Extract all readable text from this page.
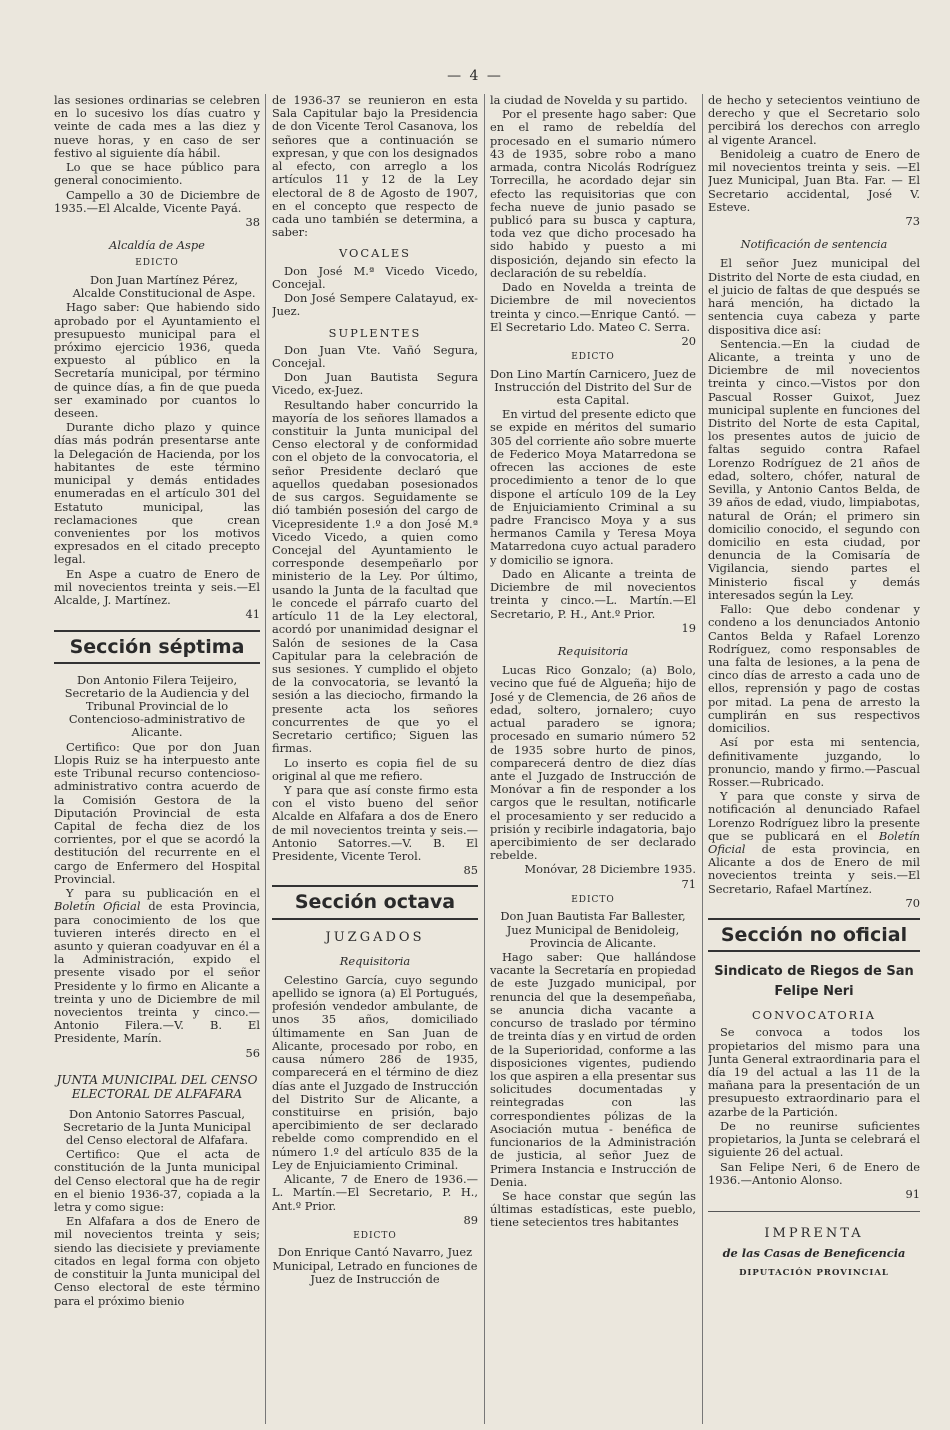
— 4 —

las sesiones ordinarias se celebren en lo sucesivo los días cuatro y veinte de cada mes a las diez y nueve horas, y en caso de ser festivo al siguiente día hábil.

Lo que se hace público para general conocimiento.

Campello a 30 de Diciembre de 1935.—El Alcalde, Vicente Payá.

38

Alcaldía de Aspe

EDICTO

Don Juan Martínez Pérez, Alcalde Constitucional de Aspe.

Hago saber: Que habiendo sido aprobado por el Ayuntamiento el presupuesto municipal para el próximo ejercicio 1936, queda expuesto al público en la Secretaría municipal, por término de quince días, a fin de que pueda ser examinado por cuantos lo deseen.

Durante dicho plazo y quince días más podrán presentarse ante la Delegación de Hacienda, por los habitantes de este término municipal y demás entidades enumeradas en el artículo 301 del Estatuto municipal, las reclamaciones que crean convenientes por los motivos expresados en el citado precepto legal.

En Aspe a cuatro de Enero de mil novecientos treinta y seis.—El Alcalde, J. Martínez.

41

Sección séptima

Don Antonio Filera Teijeiro, Secretario de la Audiencia y del Tribunal Provincial de lo Contencioso-administrativo de Alicante.

Certifico: Que por don Juan Llopis Ruiz se ha interpuesto ante este Tribunal recurso contencioso-administrativo contra acuerdo de la Comisión Gestora de la Diputación Provincial de esta Capital de fecha diez de los corrientes, por el que se acordó la destitución del recurrente en el cargo de Enfermero del Hospital Provincial.

Y para su publicación en el Boletín Oficial de esta Provincia, para conocimiento de los que tuvieren interés directo en el asunto y quieran coadyuvar en él a la Administración, expido el presente visado por el señor Presidente y lo firmo en Alicante a treinta y uno de Diciembre de mil novecientos treinta y cinco.—Antonio Filera.—V. B. El Presidente, Marín.

56

JUNTA MUNICIPAL DEL CENSO ELECTORAL DE ALFAFARA

Don Antonio Satorres Pascual, Secretario de la Junta Municipal del Censo electoral de Alfafara.

Certifico: Que el acta de constitución de la Junta municipal del Censo electoral que ha de regir en el bienio 1936-37, copiada a la letra y como sigue:

En Alfafara a dos de Enero de mil novecientos treinta y seis; siendo las diecisiete y previamente citados en legal forma con objeto de constituir la Junta municipal del Censo electoral de este término para el próximo bienio

de 1936-37 se reunieron en esta Sala Capitular bajo la Presidencia de don Vicente Terol Casanova, los señores que a continuación se expresan, y que con los designados al efecto, con arreglo a los artículos 11 y 12 de la Ley electoral de 8 de Agosto de 1907, en el concepto que respecto de cada uno también se determina, a saber:

VOCALES

Don José M.ª Vicedo Vicedo, Concejal.

Don José Sempere Calatayud, ex-Juez.

SUPLENTES

Don Juan Vte. Vañó Segura, Concejal.

Don Juan Bautista Segura Vicedo, ex-Juez.

Resultando haber concurrido la mayoría de los señores llamados a constituir la Junta municipal del Censo electoral y de conformidad con el objeto de la convocatoria, el señor Presidente declaró que aquellos quedaban posesionados de sus cargos. Seguidamente se dió también posesión del cargo de Vicepresidente 1.º a don José M.ª Vicedo Vicedo, a quien como Concejal del Ayuntamiento le corresponde desempeñarlo por ministerio de la Ley. Por último, usando la Junta de la facultad que le concede el párrafo cuarto del artículo 11 de la Ley electoral, acordó por unanimidad designar el Salón de sesiones de la Casa Capitular para la celebración de sus sesiones. Y cumplido el objeto de la convocatoria, se levantó la sesión a las dieciocho, firmando la presente acta los señores concurrentes de que yo el Secretario certifico; Siguen las firmas.

Lo inserto es copia fiel de su original al que me refiero.

Y para que así conste firmo esta con el visto bueno del señor Alcalde en Alfafara a dos de Enero de mil novecientos treinta y seis.—Antonio Satorres.—V. B. El Presidente, Vicente Terol.

85

Sección octava

JUZGADOS

Requisitoria

Celestino García, cuyo segundo apellido se ignora (a) El Portugués, profesión vendedor ambulante, de unos 35 años, domiciliado últimamente en San Juan de Alicante, procesado por robo, en causa número 286 de 1935, comparecerá en el término de diez días ante el Juzgado de Instrucción del Distrito Sur de Alicante, a constituirse en prisión, bajo apercibimiento de ser declarado rebelde como comprendido en el número 1.º del artículo 835 de la Ley de Enjuiciamiento Criminal.

Alicante, 7 de Enero de 1936.—L. Martín.—El Secretario, P. H., Ant.º Prior.

89

EDICTO

Don Enrique Cantó Navarro, Juez Municipal, Letrado en funciones de Juez de Instrucción de

la ciudad de Novelda y su partido.

Por el presente hago saber: Que en el ramo de rebeldía del procesado en el sumario número 43 de 1935, sobre robo a mano armada, contra Nicolás Rodríguez Torrecilla, he acordado dejar sin efecto las requisitorias que con fecha nueve de junio pasado se publicó para su busca y captura, toda vez que dicho procesado ha sido habido y puesto a mi disposición, dejando sin efecto la declaración de su rebeldía.

Dado en Novelda a treinta de Diciembre de mil novecientos treinta y cinco.—Enrique Cantó. —El Secretario Ldo. Mateo C. Serra.

20

EDICTO

Don Lino Martín Carnicero, Juez de Instrucción del Distrito del Sur de esta Capital.

En virtud del presente edicto que se expide en méritos del sumario 305 del corriente año sobre muerte de Federico Moya Matarredona se ofrecen las acciones de este procedimiento a tenor de lo que dispone el artículo 109 de la Ley de Enjuiciamiento Criminal a su padre Francisco Moya y a sus hermanos Camila y Teresa Moya Matarredona cuyo actual paradero y domicilio se ignora.

Dado en Alicante a treinta de Diciembre de mil novecientos treinta y cinco.—L. Martín.—El Secretario, P. H., Ant.º Prior.

19

Requisitoria

Lucas Rico Gonzalo; (a) Bolo, vecino que fué de Algueña; hijo de José y de Clemencia, de 26 años de edad, soltero, jornalero; cuyo actual paradero se ignora; procesado en sumario número 52 de 1935 sobre hurto de pinos, comparecerá dentro de diez días ante el Juzgado de Instrucción de Monóvar a fin de responder a los cargos que le resultan, notificarle el procesamiento y ser reducido a prisión y recibirle indagatoria, bajo apercibimiento de ser declarado rebelde.

Monóvar, 28 Diciembre 1935.

71

EDICTO

Don Juan Bautista Far Ballester, Juez Municipal de Benidoleig, Provincia de Alicante.

Hago saber: Que hallándose vacante la Secretaría en propiedad de este Juzgado municipal, por renuncia del que la desempeñaba, se anuncia dicha vacante a concurso de traslado por término de treinta días y en virtud de orden de la Superioridad, conforme a las disposiciones vigentes, pudiendo los que aspiren a ella presentar sus solicitudes documentadas y reintegradas con las correspondientes pólizas de la Asociación mutua - benéfica de funcionarios de la Administración de justicia, al señor Juez de Primera Instancia e Instrucción de Denia.

Se hace constar que según las últimas estadísticas, este pueblo, tiene setecientos tres habitantes

de hecho y setecientos veintiuno de derecho y que el Secretario solo percibirá los derechos con arreglo al vigente Arancel.

Benidoleig a cuatro de Enero de mil novecientos treinta y seis. —El Juez Municipal, Juan Bta. Far. — El Secretario accidental, José V. Esteve.

73

Notificación de sentencia

El señor Juez municipal del Distrito del Norte de esta ciudad, en el juicio de faltas de que después se hará mención, ha dictado la sentencia cuya cabeza y parte dispositiva dice así:

Sentencia.—En la ciudad de Alicante, a treinta y uno de Diciembre de mil novecientos treinta y cinco.—Vistos por don Pascual Rosser Guixot, Juez municipal suplente en funciones del Distrito del Norte de esta Capital, los presentes autos de juicio de faltas seguido contra Rafael Lorenzo Rodríguez de 21 años de edad, soltero, chófer, natural de Sevilla, y Antonio Cantos Belda, de 39 años de edad, viudo, limpiabotas, natural de Orán; el primero sin domicilio conocido, el segundo con domicilio en esta ciudad, por denuncia de la Comisaría de Vigilancia, siendo partes el Ministerio fiscal y demás interesados según la Ley.

Fallo: Que debo condenar y condeno a los denunciados Antonio Cantos Belda y Rafael Lorenzo Rodríguez, como responsables de una falta de lesiones, a la pena de cinco días de arresto a cada uno de ellos, reprensión y pago de costas por mitad. La pena de arresto la cumplirán en sus respectivos domicilios.

Así por esta mi sentencia, definitivamente juzgando, lo pronuncio, mando y firmo.—Pascual Rosser.—Rubricado.

Y para que conste y sirva de notificación al denunciado Rafael Lorenzo Rodríguez libro la presente que se publicará en el Boletín Oficial de esta provincia, en Alicante a dos de Enero de mil novecientos treinta y seis.—El Secretario, Rafael Martínez.

70

Sección no oficial

Sindicato de Riegos de San Felipe Neri

CONVOCATORIA

Se convoca a todos los propietarios del mismo para una Junta General extraordinaria para el día 19 del actual a las 11 de la mañana para la presentación de un presupuesto extraordinario para el azarbe de la Partición.

De no reunirse suficientes propietarios, la Junta se celebrará el siguiente 26 del actual.

San Felipe Neri, 6 de Enero de 1936.—Antonio Alonso.

91

IMPRENTA

de las Casas de Beneficencia

DIPUTACIÓN PROVINCIAL
